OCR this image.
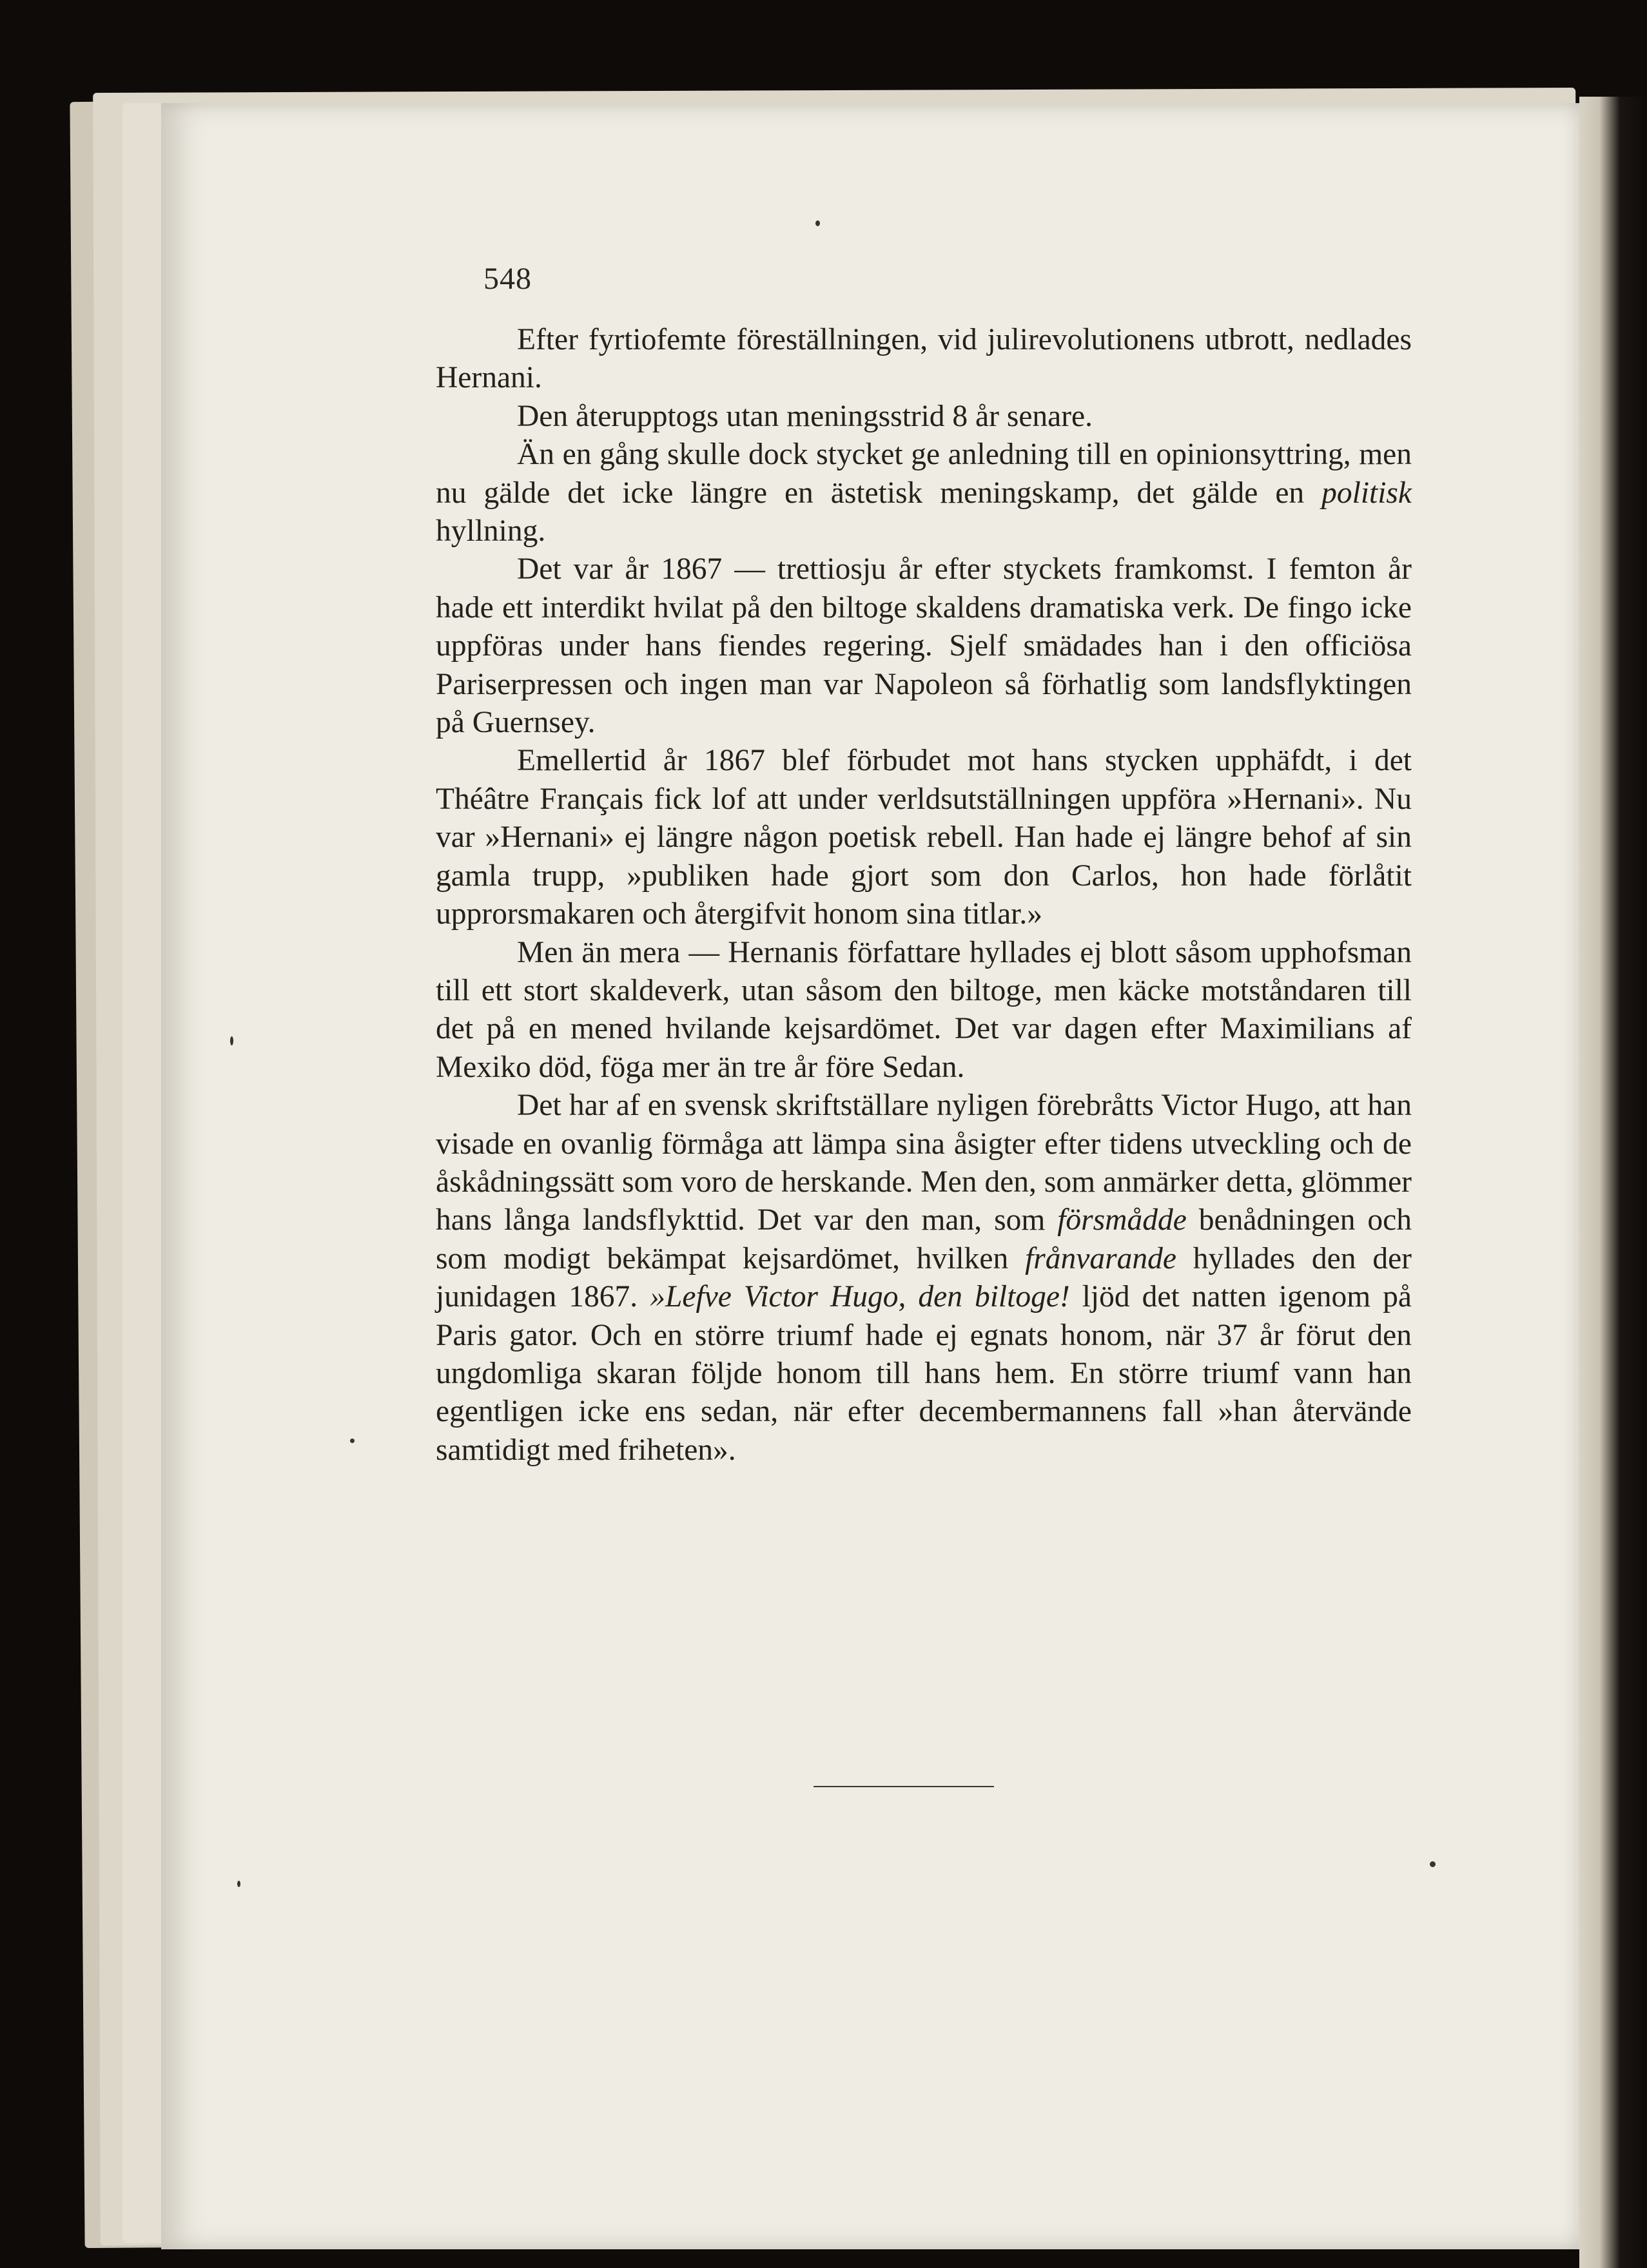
548

Efter fyrtiofemte föreställningen, vid julirevolutionens utbrott, nedlades Hernani.

Den återupptogs utan meningsstrid 8 år senare.

Än en gång skulle dock stycket ge anledning till en opinionsyttring, men nu gälde det icke längre en ästetisk meningskamp, det gälde en politisk hyllning.

Det var år 1867 — trettiosju år efter styckets framkomst. I femton år hade ett interdikt hvilat på den biltoge skaldens dramatiska verk. De fingo icke uppföras under hans fiendes regering. Sjelf smädades han i den officiösa Pariserpressen och ingen man var Napoleon så förhatlig som landsflyktingen på Guernsey.

Emellertid år 1867 blef förbudet mot hans stycken upphäfdt, i det Théâtre Français fick lof att under verldsutställningen uppföra »Hernani». Nu var »Hernani» ej längre någon poetisk rebell. Han hade ej längre behof af sin gamla trupp, »publiken hade gjort som don Carlos, hon hade förlåtit upprorsmakaren och återgifvit honom sina titlar.»

Men än mera — Hernanis författare hyllades ej blott såsom upphofsman till ett stort skaldeverk, utan såsom den biltoge, men käcke motståndaren till det på en mened hvilande kejsardömet. Det var dagen efter Maximilians af Mexiko död, föga mer än tre år före Sedan.

Det har af en svensk skriftställare nyligen förebråtts Victor Hugo, att han visade en ovanlig förmåga att lämpa sina åsigter efter tidens utveckling och de åskådningssätt som voro de herskande. Men den, som anmärker detta, glömmer hans långa landsflykttid. Det var den man, som försmådde benådningen och som modigt bekämpat kejsardömet, hvilken frånvarande hyllades den der junidagen 1867. »Lefve Victor Hugo, den biltoge! ljöd det natten igenom på Paris gator. Och en större triumf hade ej egnats honom, när 37 år förut den ungdomliga skaran följde honom till hans hem. En större triumf vann han egentligen icke ens sedan, när efter decembermannens fall »han återvände samtidigt med friheten».
